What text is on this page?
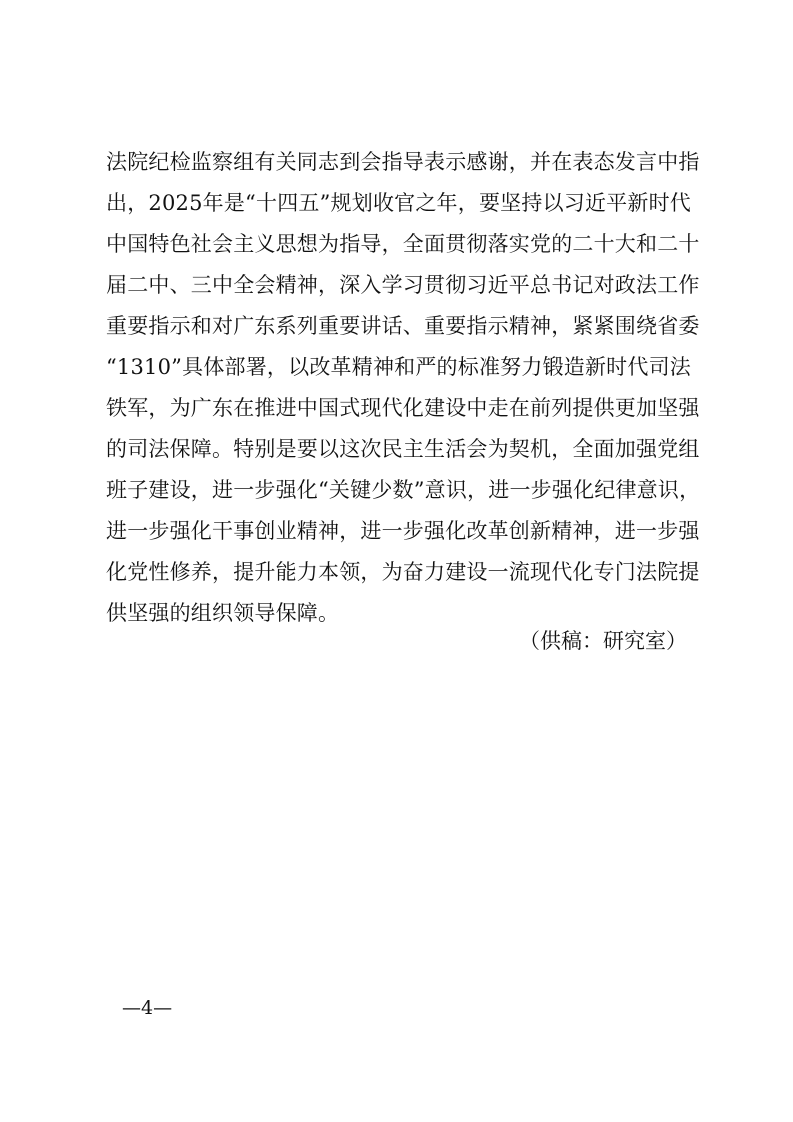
法院纪检监察组有关同志到会指导表示感谢，并在表态发言中指
出，2025年是“十四五”规划收官之年，要坚持以习近平新时代
中国特色社会主义思想为指导，全面贯彻落实党的二十大和二十
届二中、三中全会精神，深入学习贯彻习近平总书记对政法工作
重要指示和对广东系列重要讲话、重要指示精神，紧紧围绕省委
“1310”具体部署，以改革精神和严的标准努力锻造新时代司法
铁军，为广东在推进中国式现代化建设中走在前列提供更加坚强
的司法保障。特别是要以这次民主生活会为契机，全面加强党组
班子建设，进一步强化“关键少数”意识，进一步强化纪律意识，
进一步强化干事创业精神，进一步强化改革创新精神，进一步强
化党性修养，提升能力本领，为奋力建设一流现代化专门法院提
供坚强的组织领导保障。
（供稿：研究室）
—4—
